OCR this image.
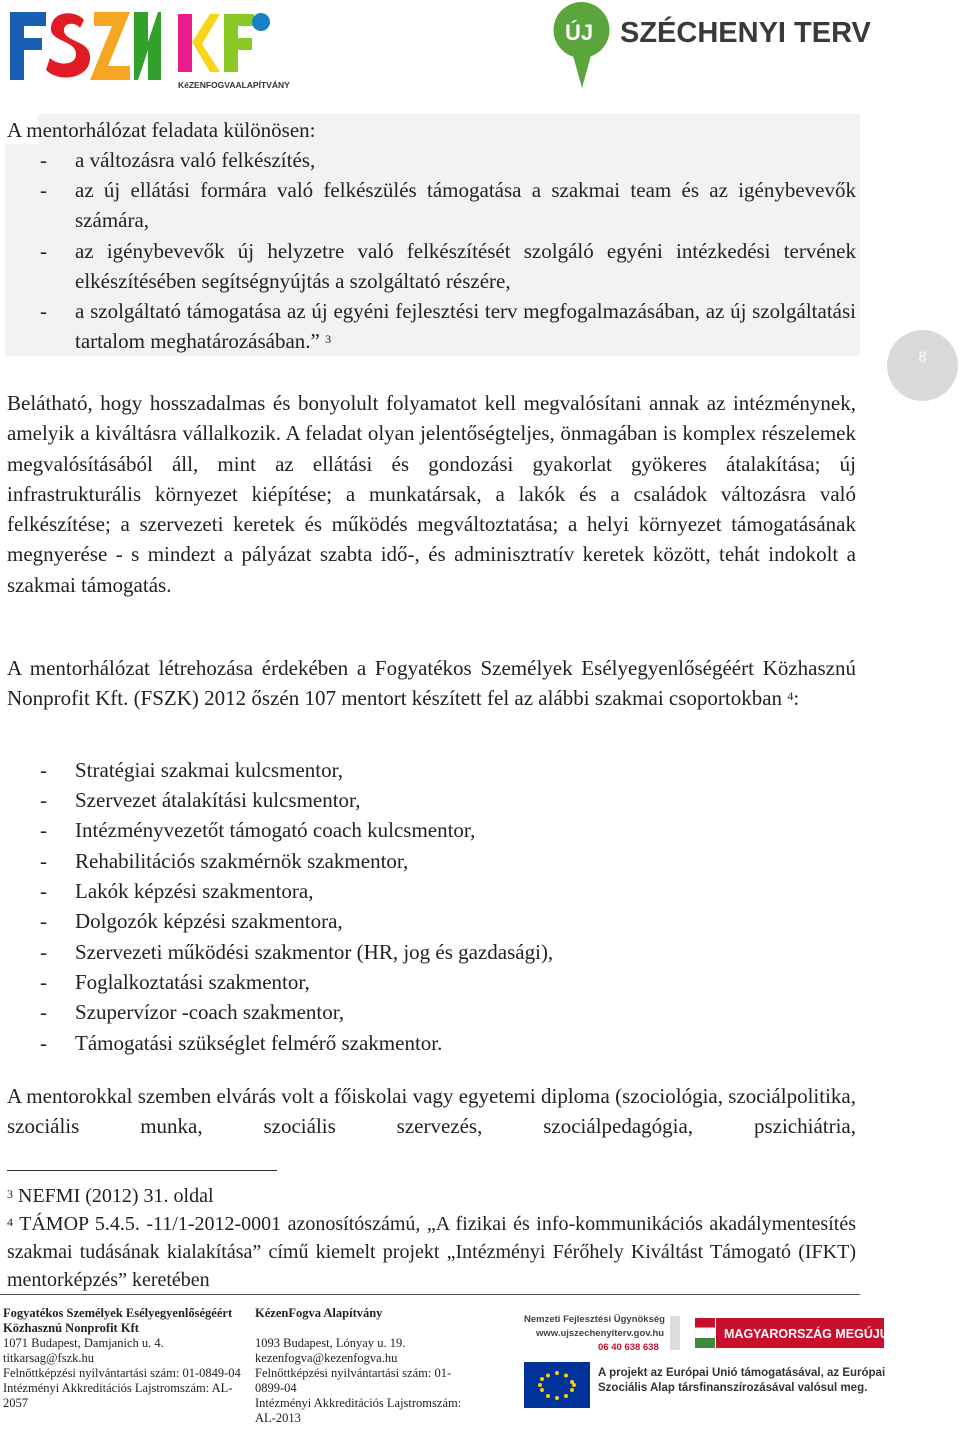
KéZENFOGVAALAPÍTVÁNY
ÚJ SZÉCHENYI TERV
A mentorhálózat feladata különösen:
- a változásra való felkészítés,
- az új ellátási formára való felkészülés támogatása a szakmai team és az igénybevevők számára,
- az igénybevevők új helyzetre való felkészítését szolgáló egyéni intézkedési tervének elkészítésében segítségnyújtás a szolgáltató részére,
- a szolgáltató támogatása az új egyéni fejlesztési terv megfogalmazásában, az új szolgáltatási tartalom meghatározásában.” $^3$
8
Belátható, hogy hosszadalmas és bonyolult folyamatot kell megvalósítani annak az intézménynek, amelyik a kiváltásra vállalkozik. A feladat olyan jelentőségteljes, önmagában is komplex részelemek megvalósításából áll, mint az ellátási és gondozási gyakorlat gyökeres átalakítása; új infrastrukturális környezet kiépítése; a munkatársak, a lakók és a családok változásra való felkészítése; a szervezeti keretek és működés megváltoztatása; a helyi környezet támogatásának megnyerése - s mindezt a pályázat szabta idő-, és adminisztratív keretek között, tehát indokolt a szakmai támogatás.
A mentorhálózat létrehozása érdekében a Fogyatékos Személyek Esélyegyenlőségéért Közhasznú Nonprofit Kft. (FSZK) 2012 őszén 107 mentort készített fel az alábbi szakmai csoportokban $^4$:
- Stratégiai szakmai kulcsmentor,
- Szervezet átalakítási kulcsmentor,
- Intézményvezetőt támogató coach kulcsmentor,
- Rehabilitációs szakmérnök szakmentor,
- Lakók képzési szakmentora,
- Dolgozók képzési szakmentora,
- Szervezeti működési szakmentor (HR, jog és gazdasági),
- Foglalkoztatási szakmentor,
- Szupervízor -coach szakmentor,
- Támogatási szükséglet felmérő szakmentor.
A mentorokkal szemben elvárás volt a főiskolai vagy egyetemi diploma (szociológia, szociálpolitika, szociális munka, szociális szervezés, szociálpedagógia, pszichiátria,
$^3$ NEFMI (2012) 31. oldal
$^4$ TÁMOP 5.4.5. -11/1-2012-0001 azonosítószámú, „A fizikai és info-kommunikációs akadálymentesítés szakmai tudásának kialakítása” című kiemelt projekt „Intézményi Férőhely Kiváltást Támogató (IFKT) mentorképzés” keretében
Fogyatékos Személyek Esélyegyenlőségéért Közhasznú Nonprofit Kft
1071 Budapest, Damjanich u. 4.
titkarsag@fszk.hu
Felnőttképzési nyilvántartási szám: 01-0849-04
Intézményi Akkreditációs Lajstromszám: AL-2057
KézenFogva Alapítvány

1093 Budapest, Lónyay u. 19.
kezenfogva@kezenfogva.hu
Felnőttképzési nyilvántartási szám: 01-0899-04
Intézményi Akkreditációs Lajstromszám: AL-2013
Nemzeti Fejlesztési Ügynökség
www.ujszechenyiterv.gov.hu
06 40 638 638
MAGYARORSZÁG MEGÚJUL
A projekt az Európai Unió támogatásával, az Európai Szociális Alap társfinanszírozásával valósul meg.
